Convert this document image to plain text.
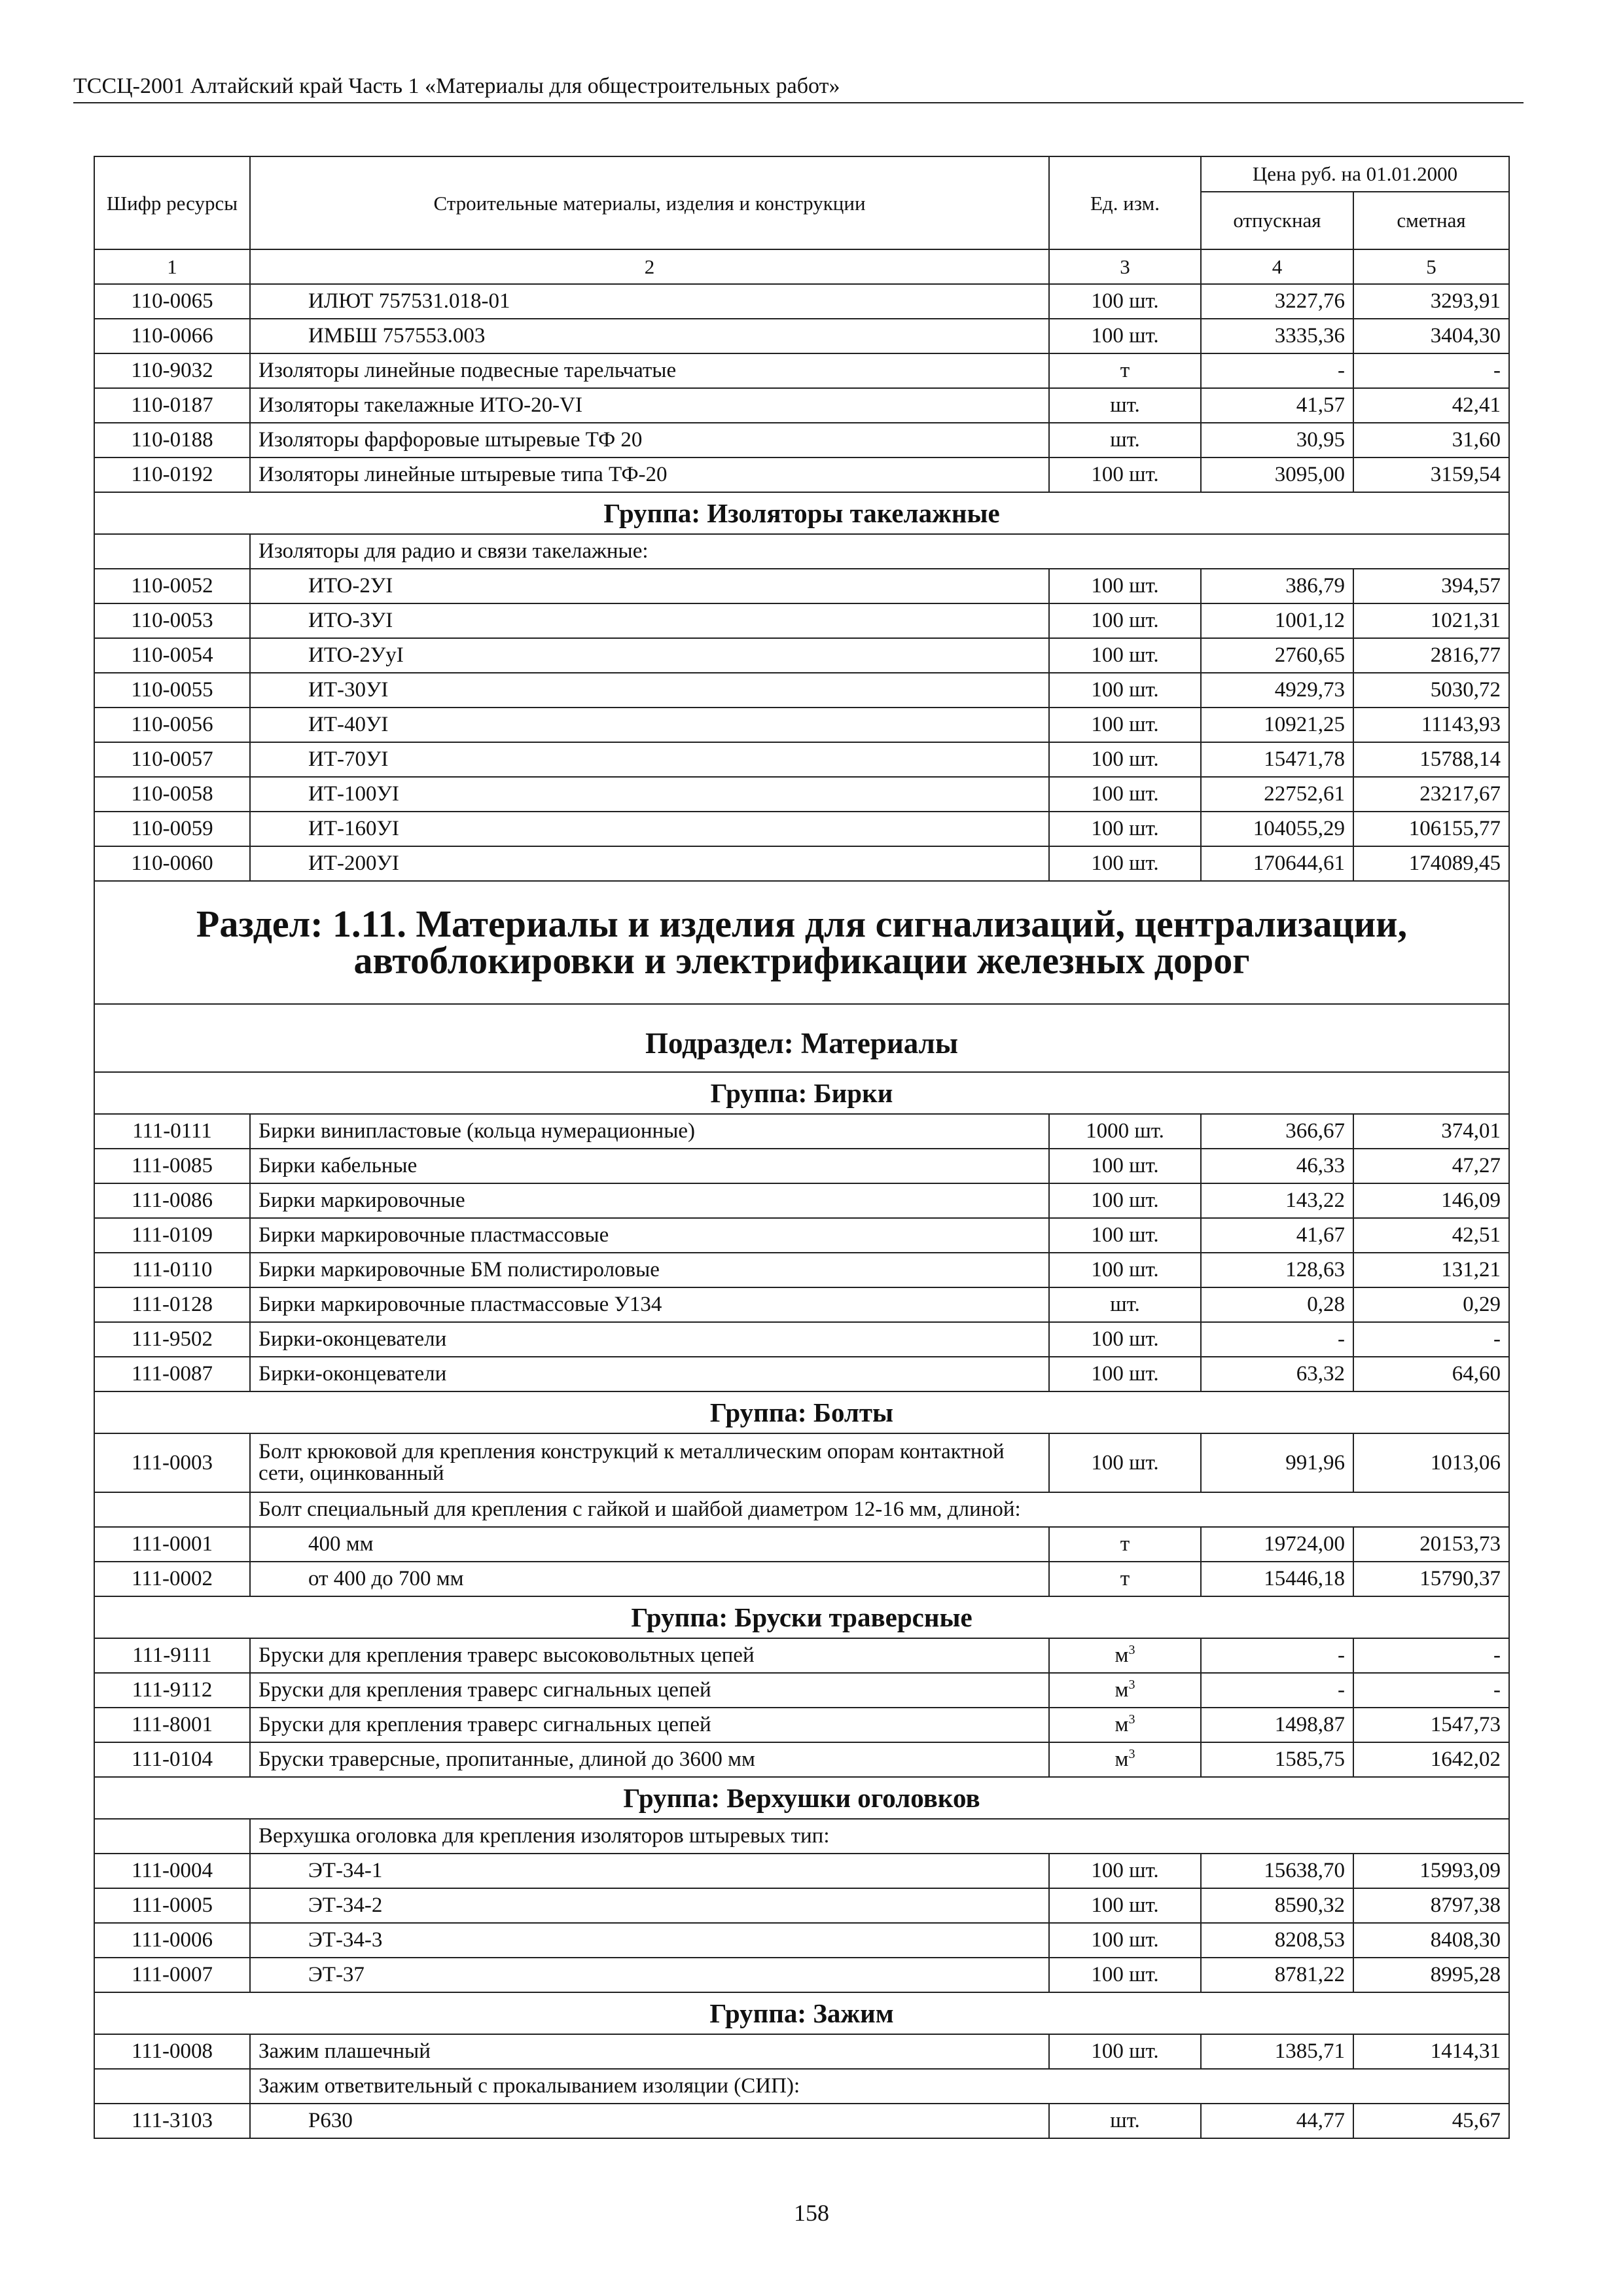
ТССЦ-2001 Алтайский край Часть 1 «Материалы для общестроительных работ»
Шифр ресурсы	Строительные материалы, изделия и конструкции	Ед. изм.	Цена руб. на 01.01.2000	
			отпускная	сметная
1	2	3	4	5
110-0065	ИЛЮТ 757531.018-01	100 шт.	3227,76	3293,91
110-0066	ИМБШ 757553.003	100 шт.	3335,36	3404,30
110-9032	Изоляторы линейные подвесные тарельчатые	т	-	-
110-0187	Изоляторы такелажные ИТО-20-VI	шт.	41,57	42,41
110-0188	Изоляторы фарфоровые штыревые ТФ 20	шт.	30,95	31,60
110-0192	Изоляторы линейные штыревые типа ТФ-20	100 шт.	3095,00	3159,54
Группа: Изоляторы такелажные				
	Изоляторы для радио и связи такелажные:			
110-0052	ИТО-2УI	100 шт.	386,79	394,57
110-0053	ИТО-3УI	100 шт.	1001,12	1021,31
110-0054	ИТО-2УуI	100 шт.	2760,65	2816,77
110-0055	ИТ-30УI	100 шт.	4929,73	5030,72
110-0056	ИТ-40УI	100 шт.	10921,25	11143,93
110-0057	ИТ-70УI	100 шт.	15471,78	15788,14
110-0058	ИТ-100УI	100 шт.	22752,61	23217,67
110-0059	ИТ-160УI	100 шт.	104055,29	106155,77
110-0060	ИТ-200УI	100 шт.	170644,61	174089,45
Раздел: 1.11. Материалы и изделия для сигнализаций, централизации, автоблокировки и электрификации железных дорог				
Подраздел: Материалы				
Группа: Бирки				
111-0111	Бирки винипластовые (кольца нумерационные)	1000 шт.	366,67	374,01
111-0085	Бирки кабельные	100 шт.	46,33	47,27
111-0086	Бирки маркировочные	100 шт.	143,22	146,09
111-0109	Бирки маркировочные пластмассовые	100 шт.	41,67	42,51
111-0110	Бирки маркировочные БМ полистироловые	100 шт.	128,63	131,21
111-0128	Бирки маркировочные пластмассовые У134	шт.	0,28	0,29
111-9502	Бирки-оконцеватели	100 шт.	-	-
111-0087	Бирки-оконцеватели	100 шт.	63,32	64,60
Группа: Болты				
111-0003	Болт крюковой для крепления конструкций к металлическим опорам контактной сети, оцинкованный	100 шт.	991,96	1013,06
	Болт специальный для крепления с гайкой и шайбой диаметром 12-16 мм, длиной:			
111-0001	400 мм	т	19724,00	20153,73
111-0002	от 400 до 700 мм	т	15446,18	15790,37
Группа: Бруски траверсные				
111-9111	Бруски для крепления траверс высоковольтных цепей	$м^3$	-	-
111-9112	Бруски для крепления траверс сигнальных цепей	$м^3$	-	-
111-8001	Бруски для крепления траверс сигнальных цепей	$м^3$	1498,87	1547,73
111-0104	Бруски траверсные, пропитанные, длиной до 3600 мм	$м^3$	1585,75	1642,02
Группа: Верхушки оголовков				
	Верхушка оголовка для крепления изоляторов штыревых тип:			
111-0004	ЭТ-34-1	100 шт.	15638,70	15993,09
111-0005	ЭТ-34-2	100 шт.	8590,32	8797,38
111-0006	ЭТ-34-3	100 шт.	8208,53	8408,30
111-0007	ЭТ-37	100 шт.	8781,22	8995,28
Группа: Зажим				
111-0008	Зажим плашечный	100 шт.	1385,71	1414,31
	Зажим ответвительный с прокалыванием изоляции (СИП):			
111-3103	Р630	шт.	44,77	45,67
158
